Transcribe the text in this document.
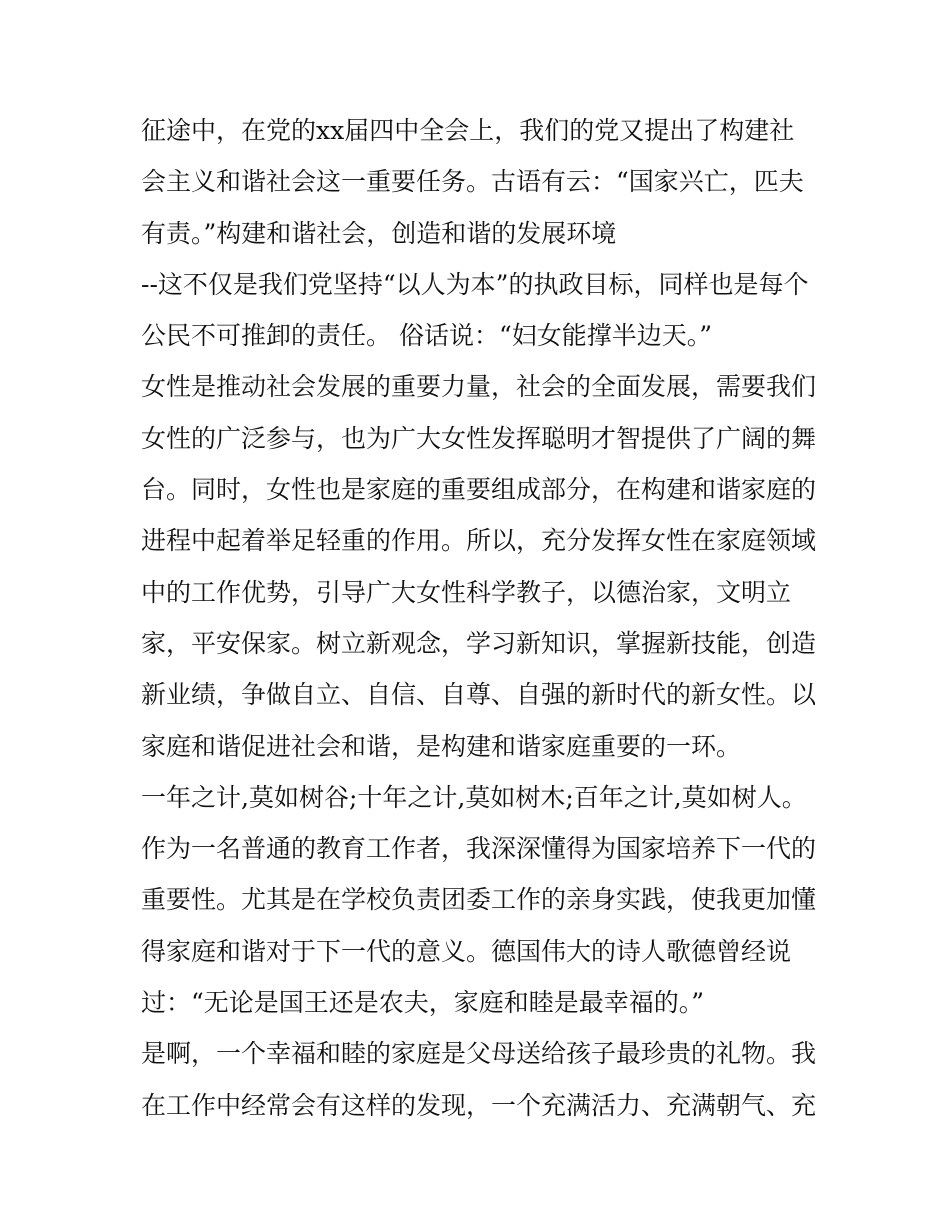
征途中，在党的xx届四中全会上，我们的党又提出了构建社
会主义和谐社会这一重要任务。古语有云：“国家兴亡，匹夫
有责。”构建和谐社会，创造和谐的发展环境
--这不仅是我们党坚持“以人为本”的执政目标，同样也是每个
公民不可推卸的责任。 俗话说：“妇女能撑半边天。”
女性是推动社会发展的重要力量，社会的全面发展，需要我们
女性的广泛参与，也为广大女性发挥聪明才智提供了广阔的舞
台。同时，女性也是家庭的重要组成部分，在构建和谐家庭的
进程中起着举足轻重的作用。所以，充分发挥女性在家庭领域
中的工作优势，引导广大女性科学教子，以德治家，文明立
家，平安保家。树立新观念，学习新知识，掌握新技能，创造
新业绩，争做自立、自信、自尊、自强的新时代的新女性。以
家庭和谐促进社会和谐，是构建和谐家庭重要的一环。
一年之计,莫如树谷;十年之计,莫如树木;百年之计,莫如树人。
作为一名普通的教育工作者，我深深懂得为国家培养下一代的
重要性。尤其是在学校负责团委工作的亲身实践，使我更加懂
得家庭和谐对于下一代的意义。德国伟大的诗人歌德曾经说
过：“无论是国王还是农夫，家庭和睦是最幸福的。”
是啊，一个幸福和睦的家庭是父母送给孩子最珍贵的礼物。我
在工作中经常会有这样的发现，一个充满活力、充满朝气、充
